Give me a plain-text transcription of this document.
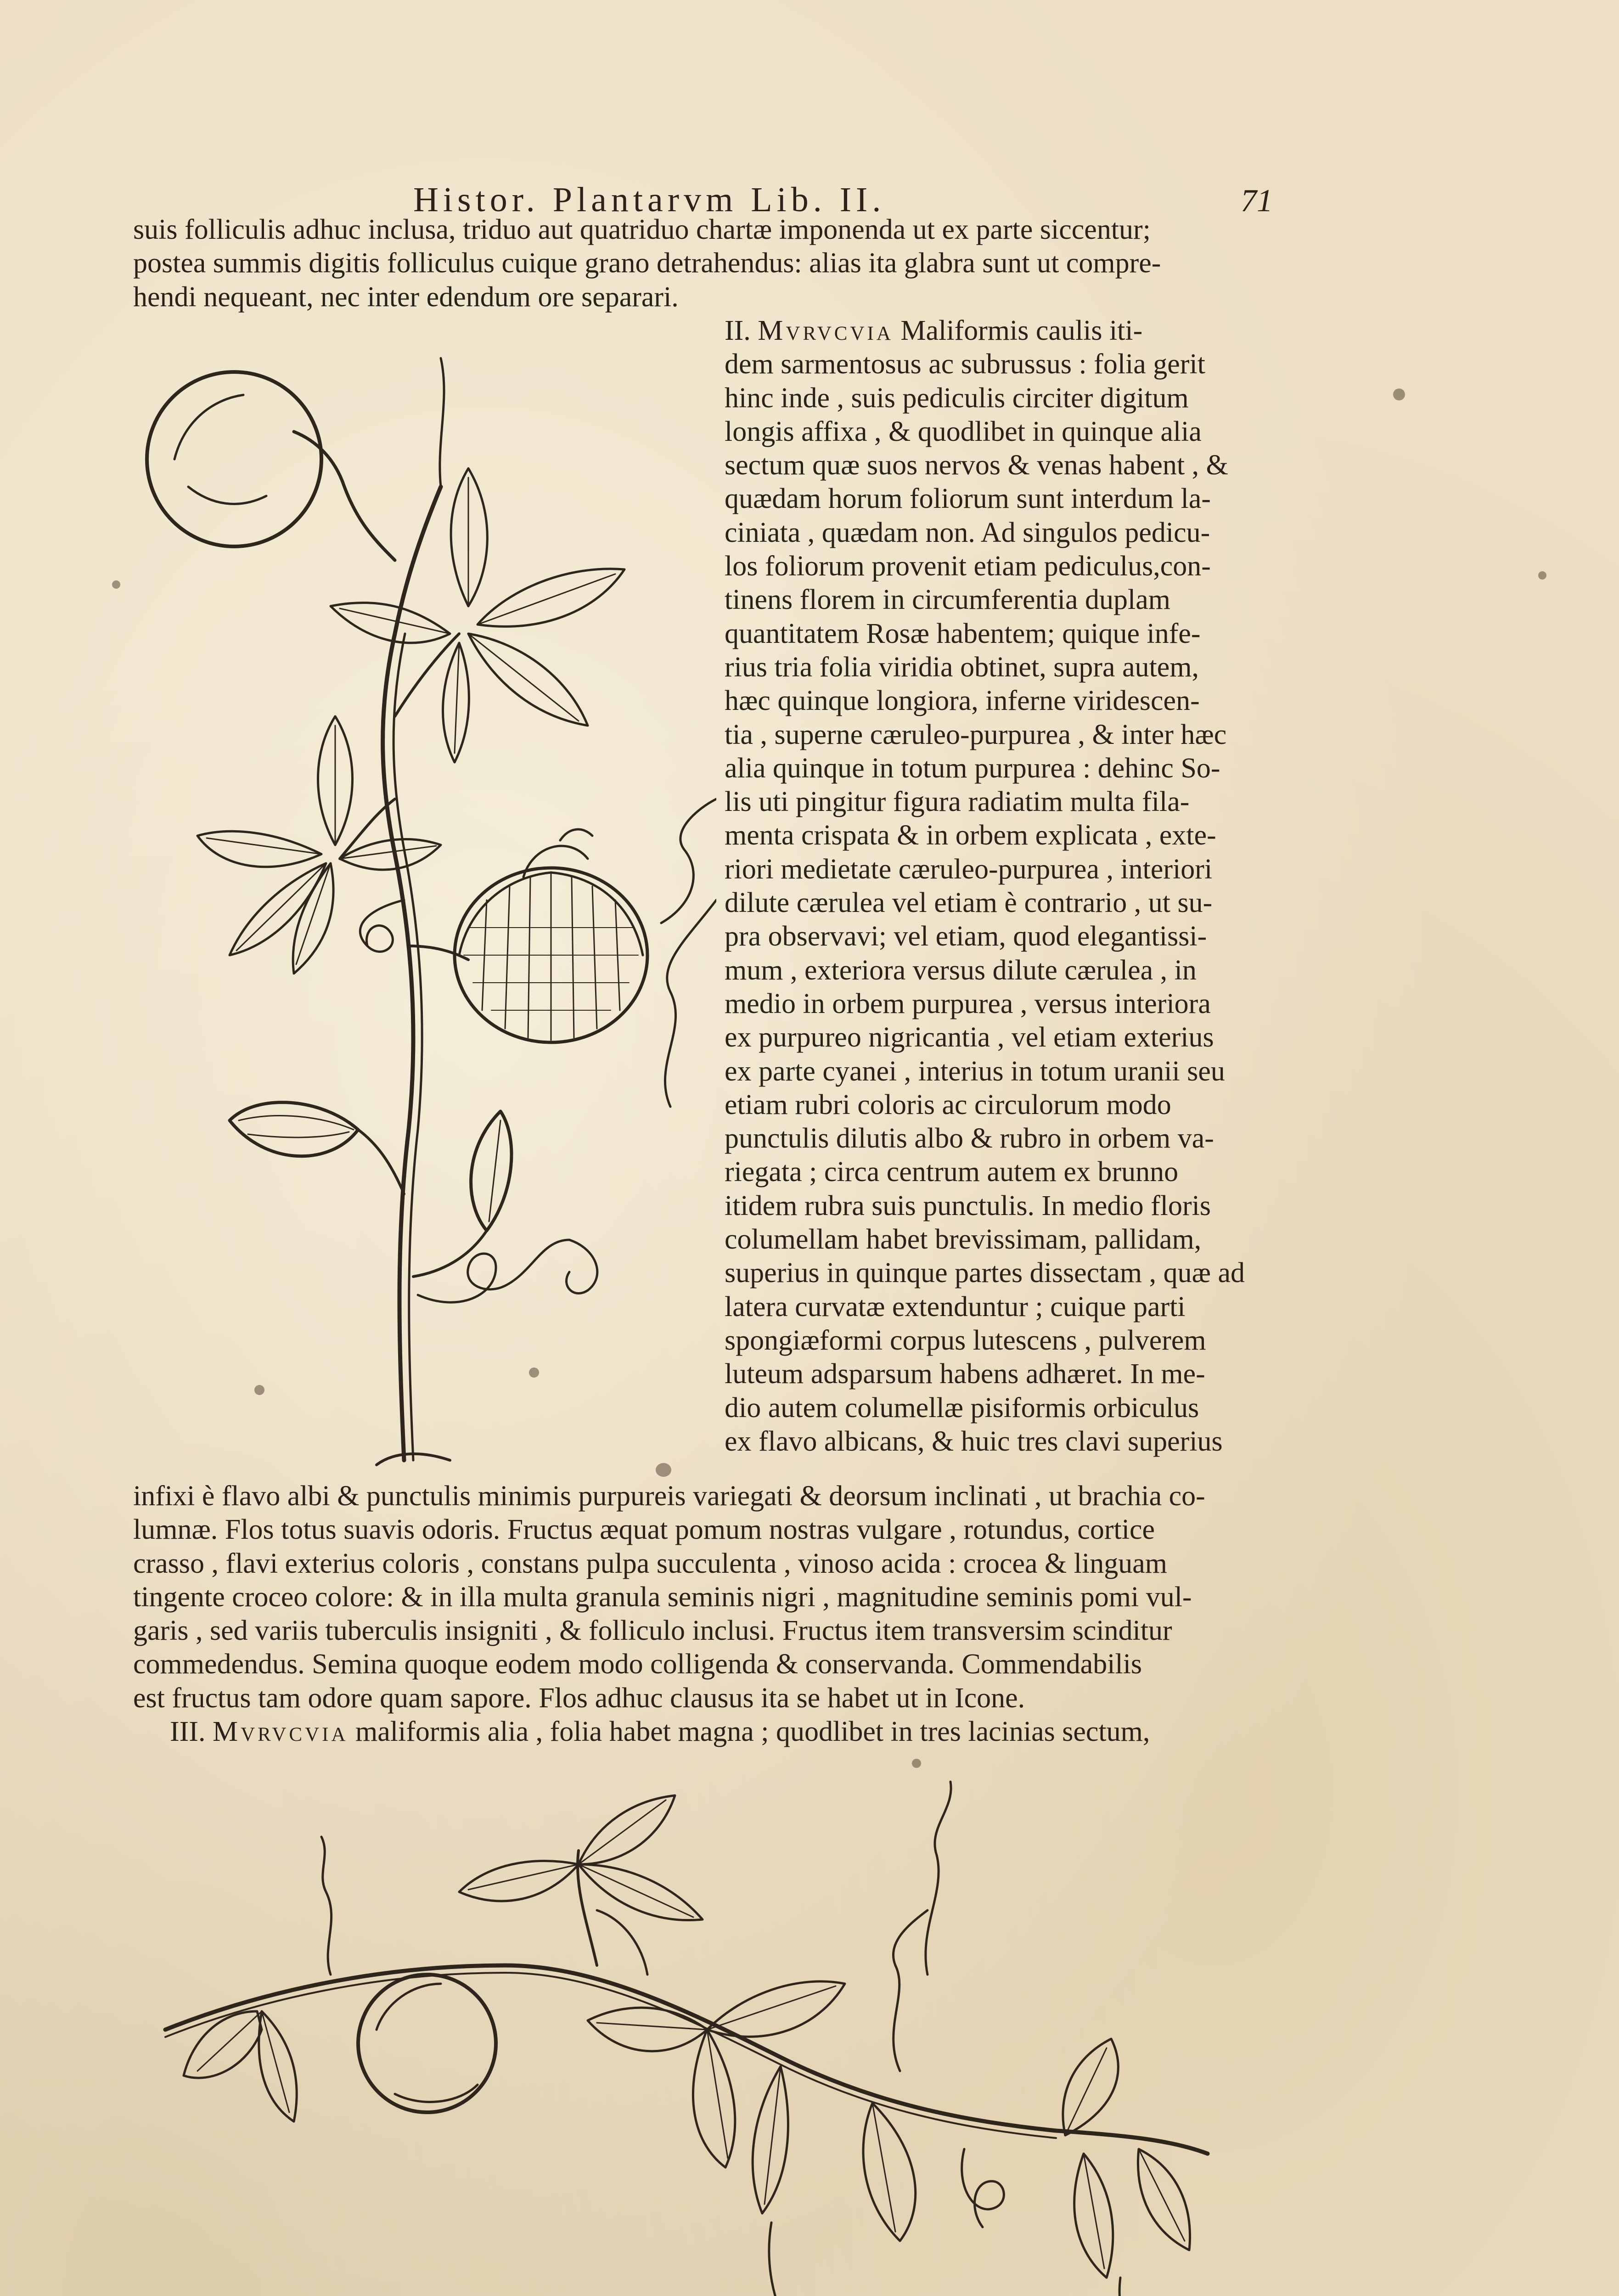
Histor. Plantarvm Lib. II.	71
suis folliculis adhuc inclusa, triduo aut quatriduo chartæ imponenda ut ex parte siccentur;
postea summis digitis folliculus cuique grano detrahendus: alias ita glabra sunt ut compre-
hendi nequeant, nec inter edendum ore separari.
II. Mvrvcvia Maliformis caulis iti-
dem sarmentosus ac subrussus : folia gerit
hinc inde , suis pediculis circiter digitum
longis affixa , & quodlibet in quinque alia
sectum quæ suos nervos & venas habent , &
quædam horum foliorum sunt interdum la-
ciniata , quædam non. Ad singulos pedicu-
los foliorum provenit etiam pediculus,con-
tinens florem in circumferentia duplam
quantitatem Rosæ habentem; quique infe-
rius tria folia viridia obtinet, supra autem,
hæc quinque longiora, inferne viridescen-
tia , superne cæruleo-purpurea , & inter hæc
alia quinque in totum purpurea : dehinc So-
lis uti pingitur figura radiatim multa fila-
menta crispata & in orbem explicata , exte-
riori medietate cæruleo-purpurea , interiori
dilute cærulea vel etiam è contrario , ut su-
pra observavi; vel etiam, quod elegantissi-
mum , exteriora versus dilute cærulea , in
medio in orbem purpurea , versus interiora
ex purpureo nigricantia , vel etiam exterius
ex parte cyanei , interius in totum uranii seu
etiam rubri coloris ac circulorum modo
punctulis dilutis albo & rubro in orbem va-
riegata ; circa centrum autem ex brunno
itidem rubra suis punctulis. In medio floris
columellam habet brevissimam, pallidam,
superius in quinque partes dissectam , quæ ad
latera curvatæ extenduntur ; cuique parti
spongiæformi corpus lutescens , pulverem
luteum adsparsum habens adhæret. In me-
dio autem columellæ pisiformis orbiculus
ex flavo albicans, & huic tres clavi superius
infixi è flavo albi & punctulis minimis purpureis variegati & deorsum inclinati , ut brachia co-
lumnæ. Flos totus suavis odoris. Fructus æquat pomum nostras vulgare , rotundus, cortice
crasso , flavi exterius coloris , constans pulpa succulenta , vinoso acida : crocea & linguam
tingente croceo colore: & in illa multa granula seminis nigri , magnitudine seminis pomi vul-
garis , sed variis tuberculis insigniti , & folliculo inclusi. Fructus item transversim scinditur
commedendus. Semina quoque eodem modo colligenda & conservanda. Commendabilis
est fructus tam odore quam sapore. Flos adhuc clausus ita se habet ut in Icone.
III. Mvrvcvia maliformis alia , folia habet magna ; quodlibet in tres lacinias sectum,
